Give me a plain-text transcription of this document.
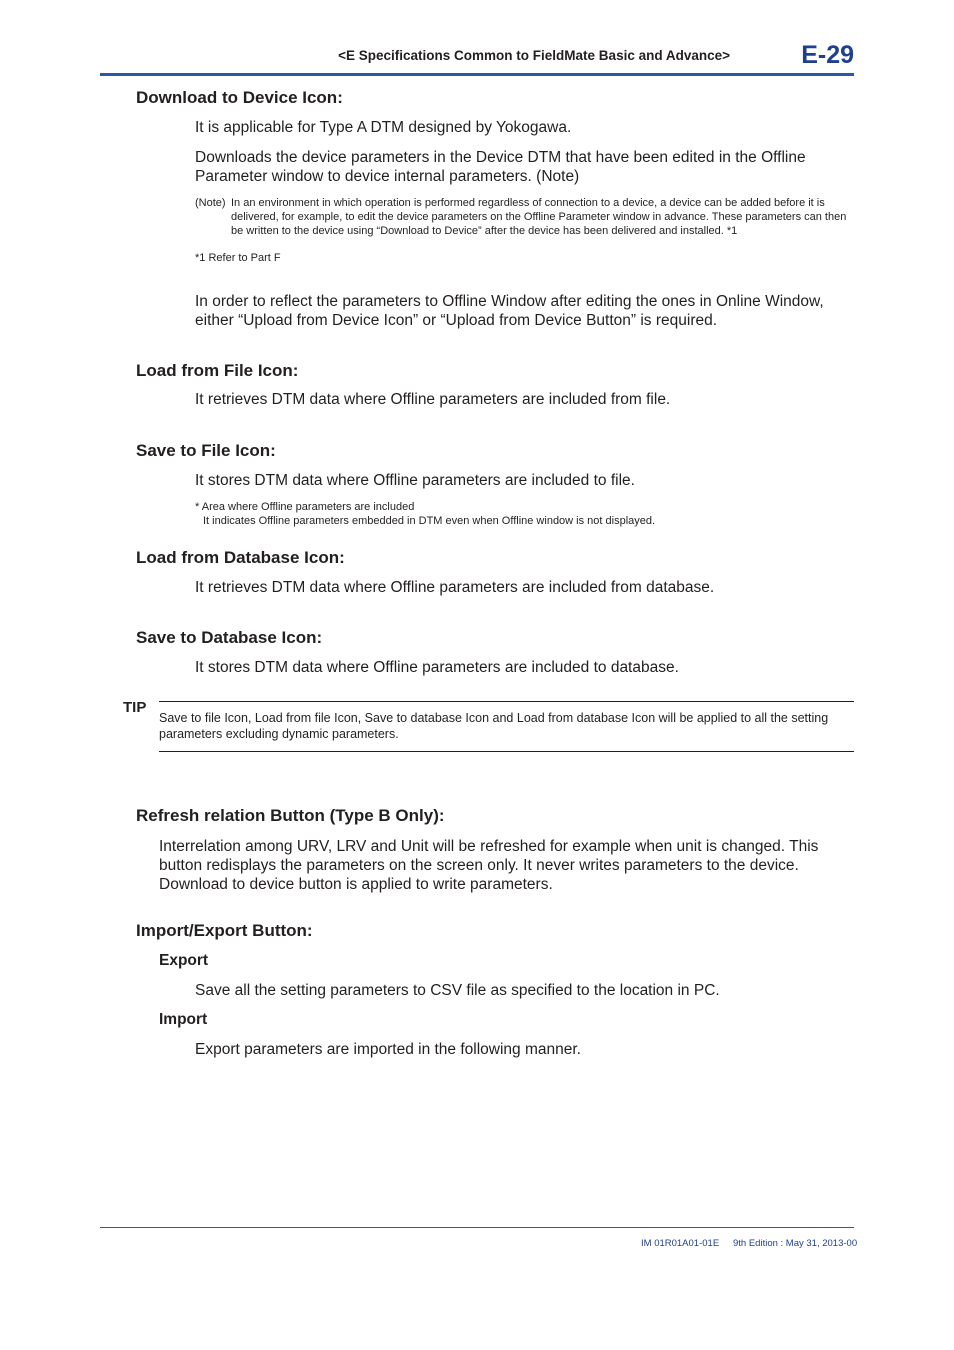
<E Specifications Common to FieldMate Basic and Advance>	E-29
Download to Device Icon:
It is applicable for Type A DTM designed by Yokogawa.
Downloads the device parameters in the Device DTM that have been edited in the Offline Parameter window to device internal parameters. (Note)
(Note) In an environment in which operation is performed regardless of connection to a device, a device can be added before it is delivered, for example, to edit the device parameters on the Offline Parameter window in advance. These parameters can then be written to the device using “Download to Device” after the device has been delivered and installed. *1
*1 Refer to Part F
In order to reflect the parameters to Offline Window after editing the ones in Online Window, either “Upload from Device Icon” or “Upload from Device Button” is required.
Load from File Icon:
It retrieves DTM data where Offline parameters are included from file.
Save to File Icon:
It stores DTM data where Offline parameters are included to file.
* Area where Offline parameters are included
It indicates Offline parameters embedded in DTM even when Offline window is not displayed.
Load from Database Icon:
It retrieves DTM data where Offline parameters are included from database.
Save to Database Icon:
It stores DTM data where Offline parameters are included to database.
TIP
Save to file Icon, Load from file Icon, Save to database Icon and Load from database Icon will be applied to all the setting parameters excluding dynamic parameters.
Refresh relation Button (Type B Only):
Interrelation among URV, LRV and Unit will be refreshed for example when unit is changed. This button redisplays the parameters on the screen only. It never writes parameters to the device. Download to device button is applied to write parameters.
Import/Export Button:
Export
Save all the setting parameters to CSV file as specified to the location in PC.
Import
Export parameters are imported in the following manner.
IM 01R01A01-01E 9th Edition : May 31, 2013-00
